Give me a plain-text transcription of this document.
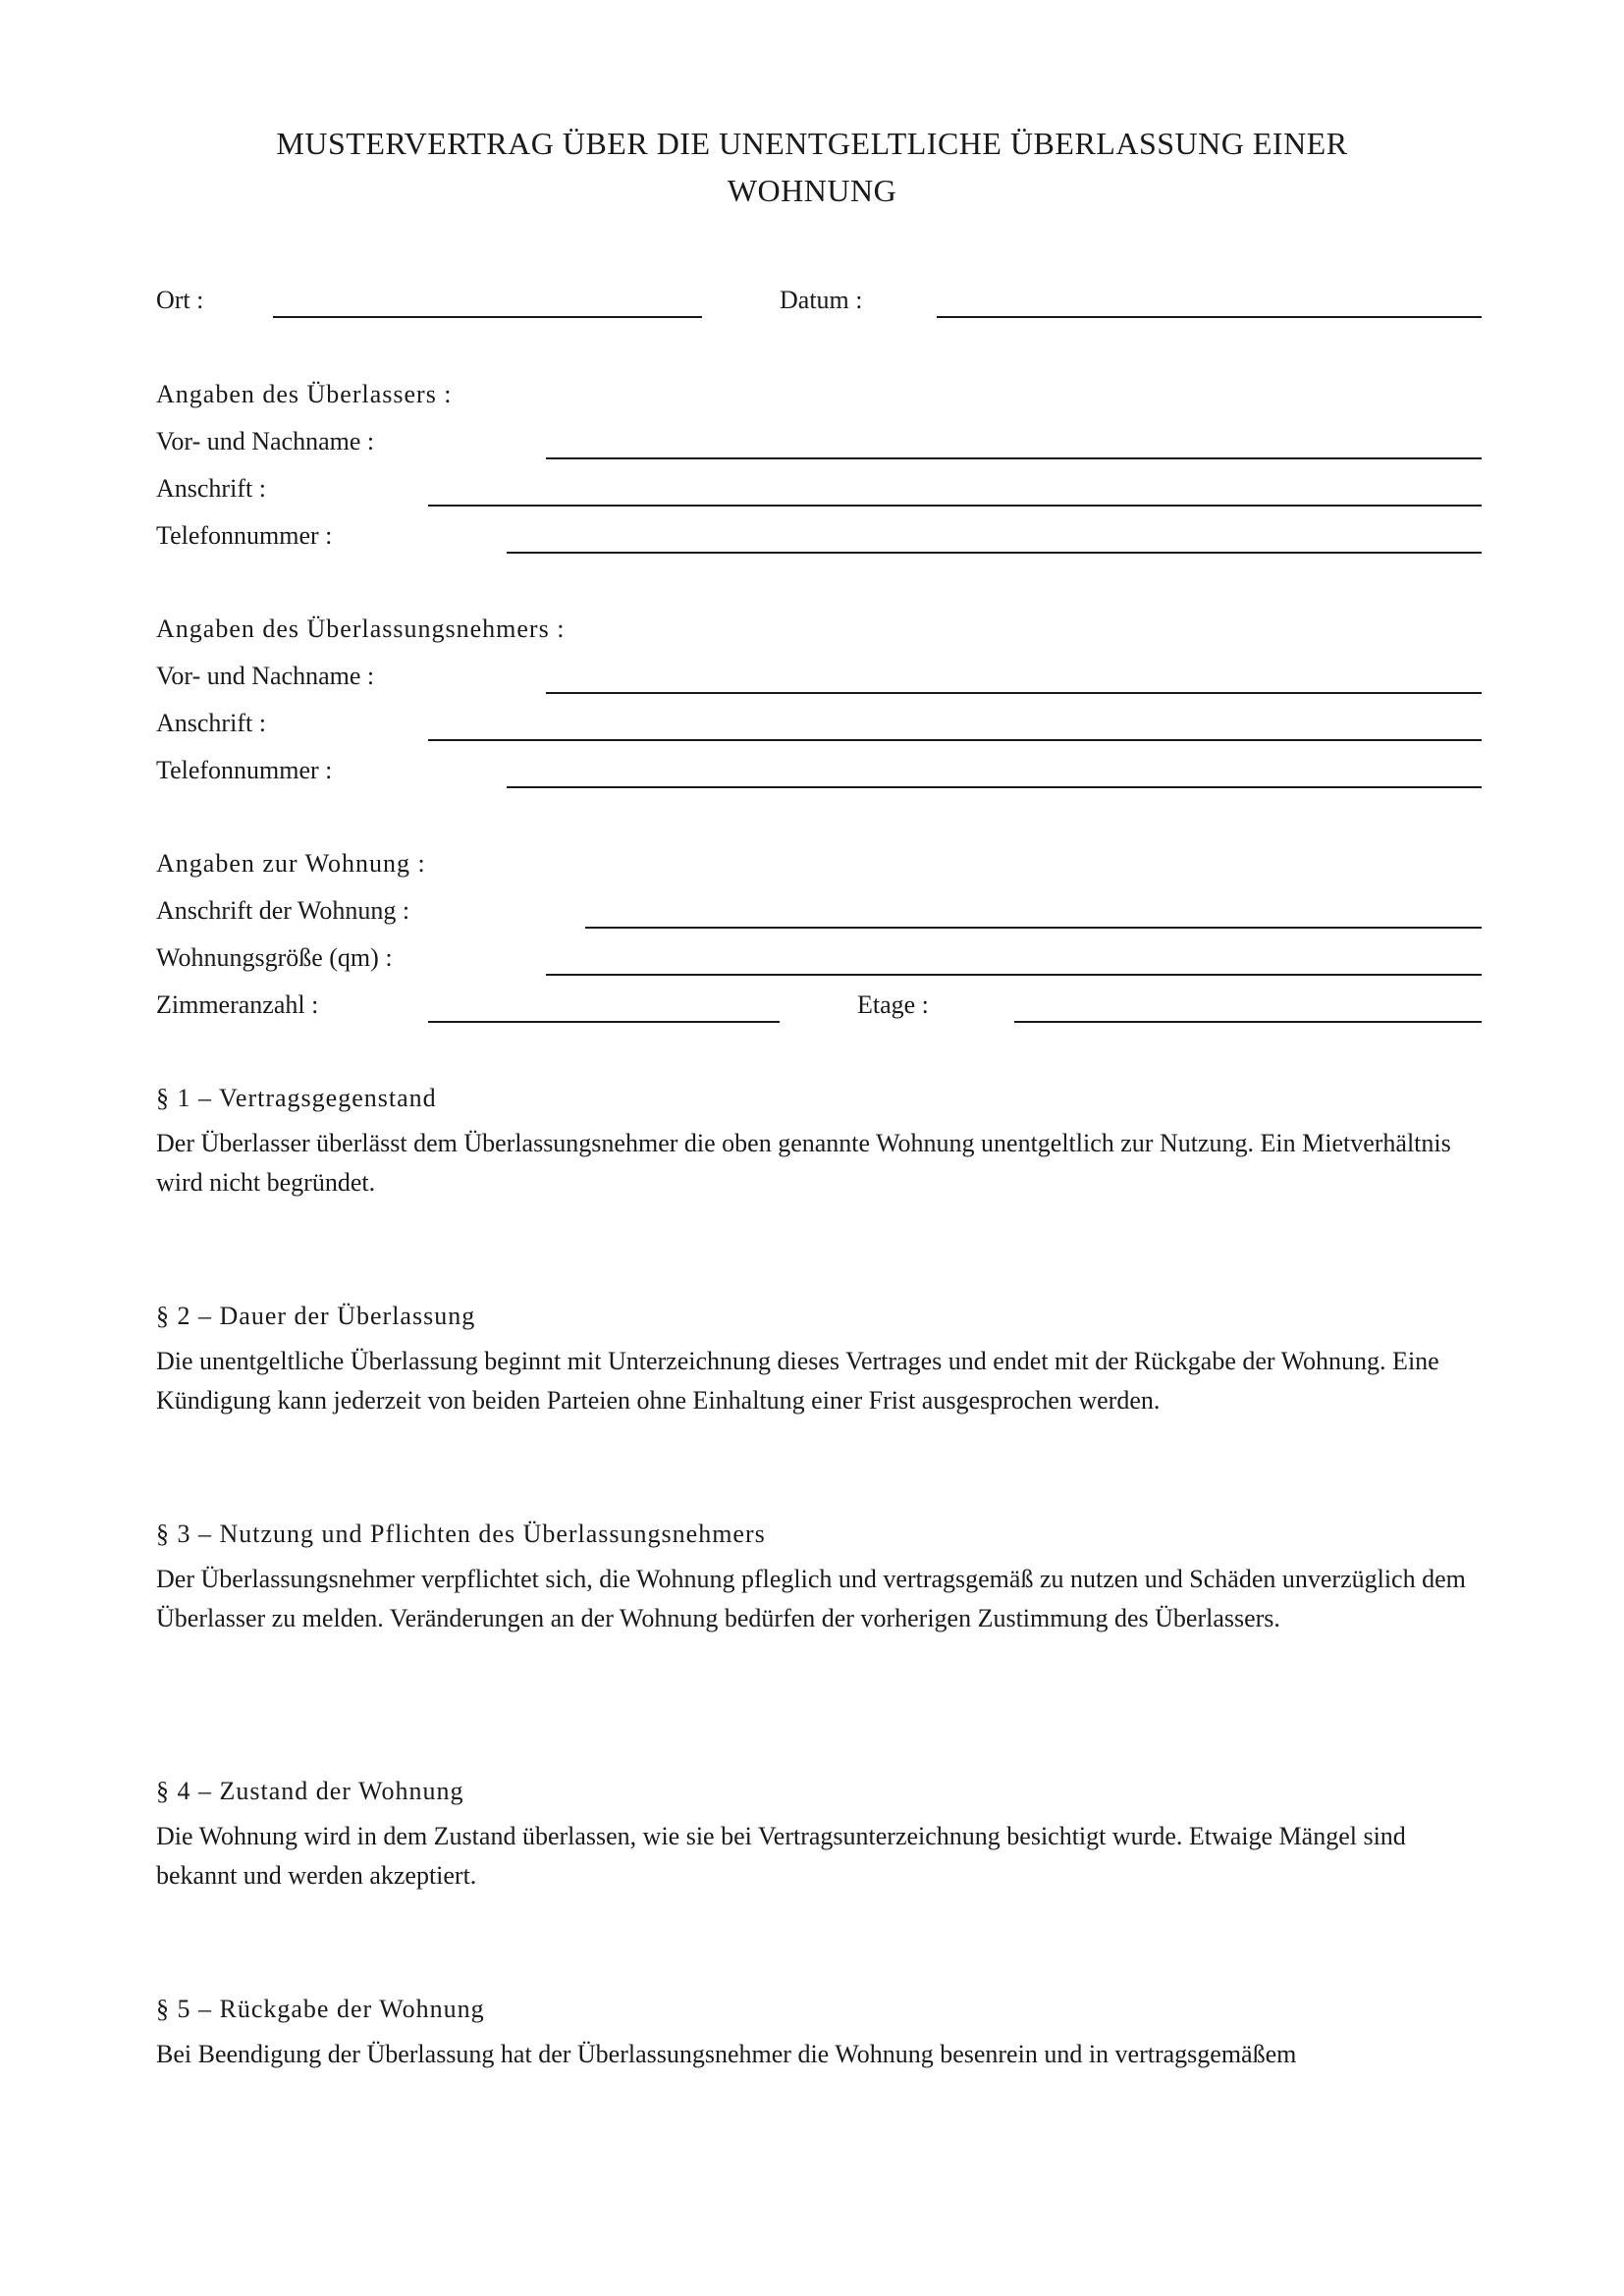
MUSTERVERTRAG ÜBER DIE UNENTGELTLICHE ÜBERLASSUNG EINER
WOHNUNG
Ort :	Datum :
Angaben des Überlassers :
Vor- und Nachname :
Anschrift :
Telefonnummer :
Angaben des Überlassungsnehmers :
Vor- und Nachname :
Anschrift :
Telefonnummer :
Angaben zur Wohnung :
Anschrift der Wohnung :
Wohnungsgröße (qm) :
Zimmeranzahl :	Etage :
§ 1 – Vertragsgegenstand
Der Überlasser überlässt dem Überlassungsnehmer die oben genannte Wohnung unentgeltlich zur Nutzung. Ein Mietverhältnis wird nicht begründet.
§ 2 – Dauer der Überlassung
Die unentgeltliche Überlassung beginnt mit Unterzeichnung dieses Vertrages und endet mit der Rückgabe der Wohnung. Eine Kündigung kann jederzeit von beiden Parteien ohne Einhaltung einer Frist ausgesprochen werden.
§ 3 – Nutzung und Pflichten des Überlassungsnehmers
Der Überlassungsnehmer verpflichtet sich, die Wohnung pfleglich und vertragsgemäß zu nutzen und Schäden unverzüglich dem Überlasser zu melden. Veränderungen an der Wohnung bedürfen der vorherigen Zustimmung des Überlassers.
§ 4 – Zustand der Wohnung
Die Wohnung wird in dem Zustand überlassen, wie sie bei Vertragsunterzeichnung besichtigt wurde. Etwaige Mängel sind bekannt und werden akzeptiert.
§ 5 – Rückgabe der Wohnung
Bei Beendigung der Überlassung hat der Überlassungsnehmer die Wohnung besenrein und in vertragsgemäßem
